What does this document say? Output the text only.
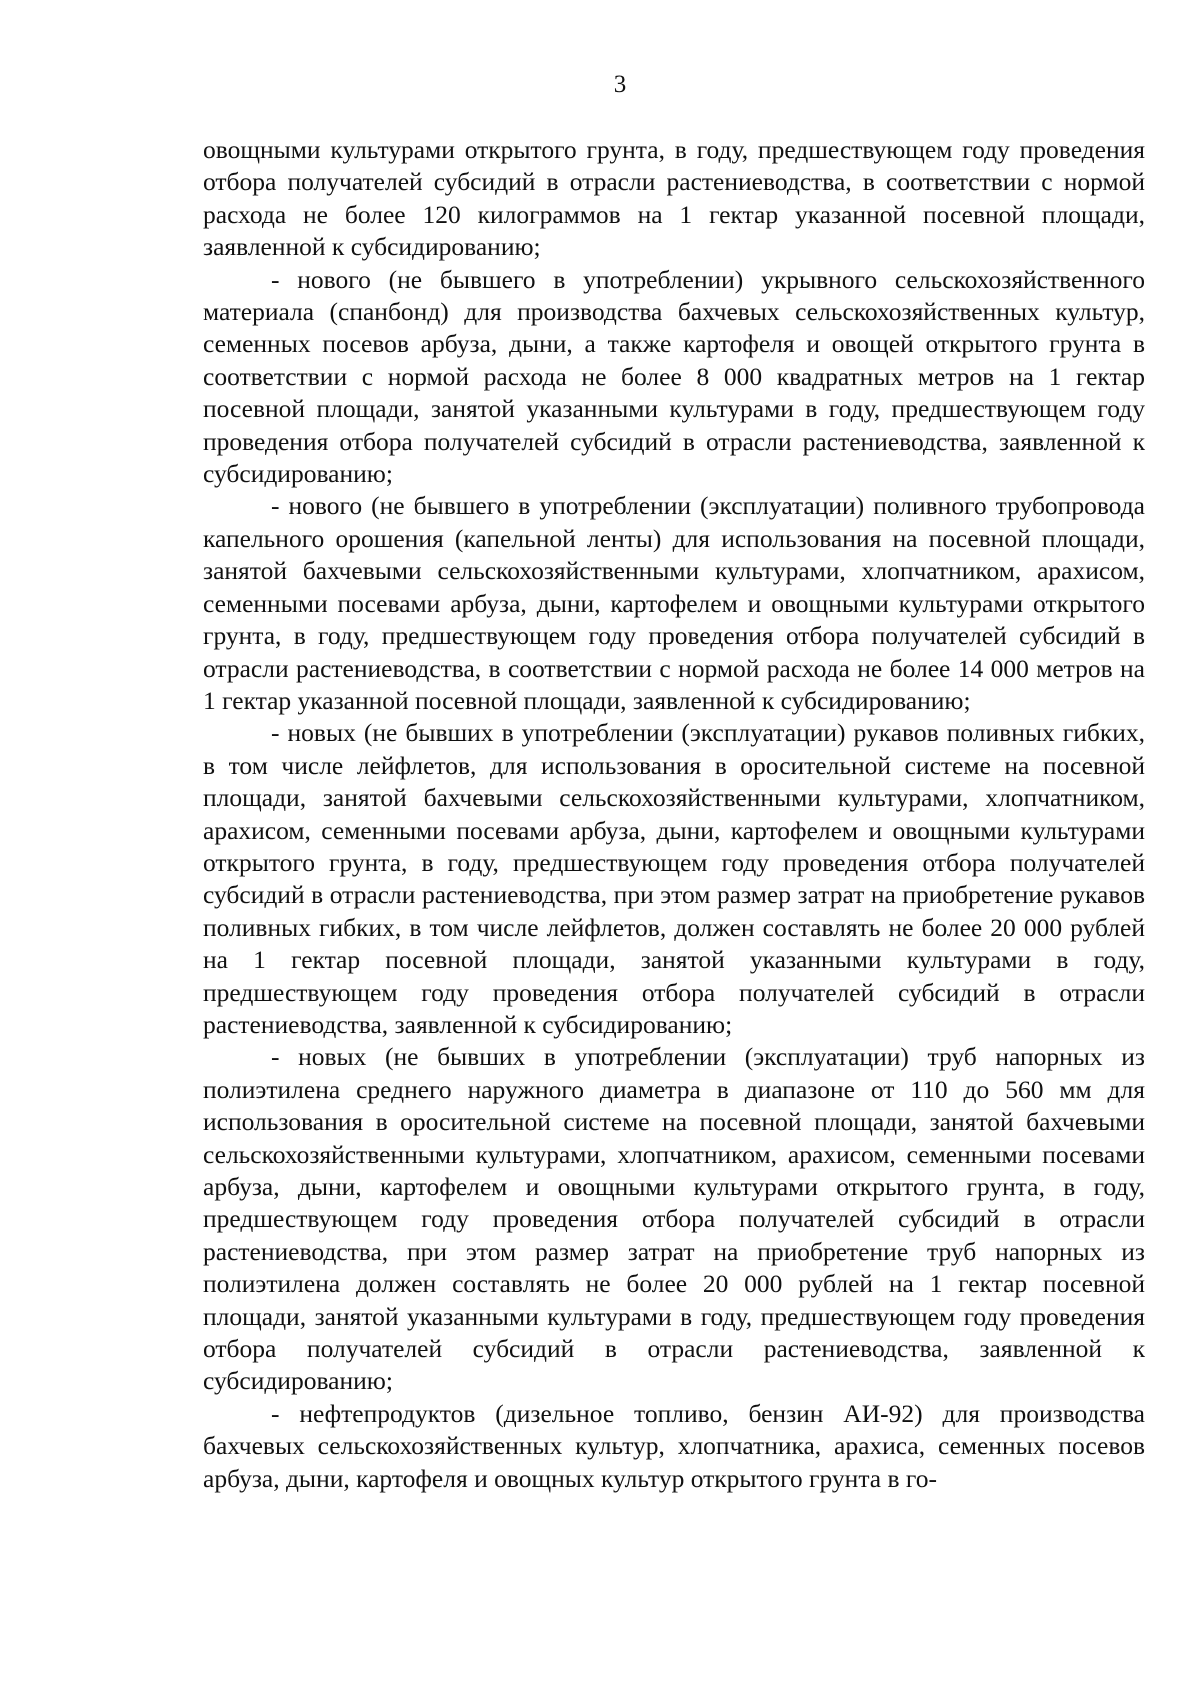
3

овощными культурами открытого грунта, в году, предшествующем году проведения отбора получателей субсидий в отрасли растениеводства, в соответствии с нормой расхода не более 120 килограммов на 1 гектар указанной посевной площади, заявленной к субсидированию;

- нового (не бывшего в употреблении) укрывного сельскохозяйственного материала (спанбонд) для производства бахчевых сельскохозяйственных культур, семенных посевов арбуза, дыни, а также картофеля и овощей открытого грунта в соответствии с нормой расхода не более 8 000 квадратных метров на 1 гектар посевной площади, занятой указанными культурами в году, предшествующем году проведения отбора получателей субсидий в отрасли растениеводства, заявленной к субсидированию;

- нового (не бывшего в употреблении (эксплуатации) поливного трубопровода капельного орошения (капельной ленты) для использования на посевной площади, занятой бахчевыми сельскохозяйственными культурами, хлопчатником, арахисом, семенными посевами арбуза, дыни, картофелем и овощными культурами открытого грунта, в году, предшествующем году проведения отбора получателей субсидий в отрасли растениеводства, в соответствии с нормой расхода не более 14 000 метров на 1 гектар указанной посевной площади, заявленной к субсидированию;

- новых (не бывших в употреблении (эксплуатации) рукавов поливных гибких, в том числе лейфлетов, для использования в оросительной системе на посевной площади, занятой бахчевыми сельскохозяйственными культурами, хлопчатником, арахисом, семенными посевами арбуза, дыни, картофелем и овощными культурами открытого грунта, в году, предшествующем году проведения отбора получателей субсидий в отрасли растениеводства, при этом размер затрат на приобретение рукавов поливных гибких, в том числе лейфлетов, должен составлять не более 20 000 рублей на 1 гектар посевной площади, занятой указанными культурами в году, предшествующем году проведения отбора получателей субсидий в отрасли растениеводства, заявленной к субсидированию;

- новых (не бывших в употреблении (эксплуатации) труб напорных из полиэтилена среднего наружного диаметра в диапазоне от 110 до 560 мм для использования в оросительной системе на посевной площади, занятой бахчевыми сельскохозяйственными культурами, хлопчатником, арахисом, семенными посевами арбуза, дыни, картофелем и овощными культурами открытого грунта, в году, предшествующем году проведения отбора получателей субсидий в отрасли растениеводства, при этом размер затрат на приобретение труб напорных из полиэтилена должен составлять не более 20 000 рублей на 1 гектар посевной площади, занятой указанными культурами в году, предшествующем году проведения отбора получателей субсидий в отрасли растениеводства, заявленной к субсидированию;

- нефтепродуктов (дизельное топливо, бензин АИ-92) для производства бахчевых сельскохозяйственных культур, хлопчатника, арахиса, семенных посевов арбуза, дыни, картофеля и овощных культур открытого грунта в го-
